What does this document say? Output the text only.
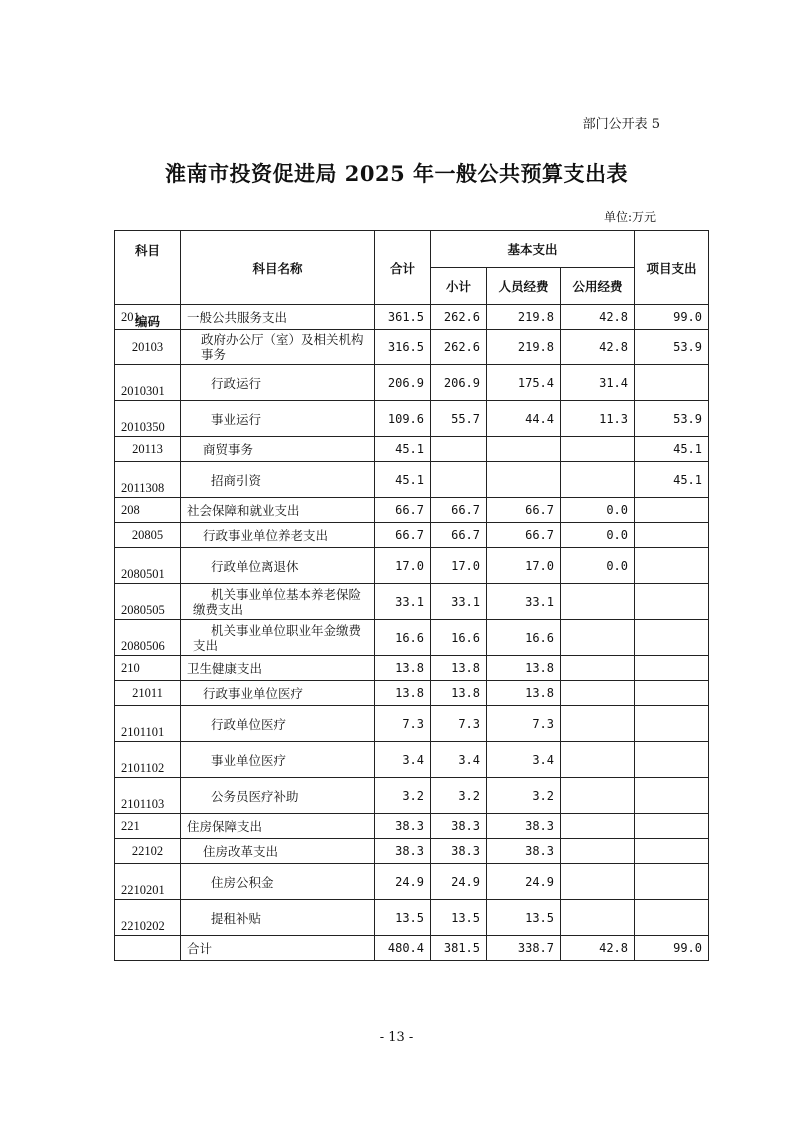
部门公开表 5
淮南市投资促进局 2025 年一般公共预算支出表
单位:万元
科目
编码	科目名称	合计	基本支出			项目支出
			小计	人员经费	公用经费	
201	一般公共服务支出	361.5	262.6	219.8	42.8	99.0
20103	政府办公厅（室）及相关机构事务	316.5	262.6	219.8	42.8	53.9
2010301	行政运行	206.9	206.9	175.4	31.4	
2010350	事业运行	109.6	55.7	44.4	11.3	53.9
20113	商贸事务	45.1				45.1
2011308	招商引资	45.1				45.1
208	社会保障和就业支出	66.7	66.7	66.7	0.0	
20805	行政事业单位养老支出	66.7	66.7	66.7	0.0	
2080501	行政单位离退休	17.0	17.0	17.0	0.0	
2080505	机关事业单位基本养老保险缴费支出	33.1	33.1	33.1		
2080506	机关事业单位职业年金缴费支出	16.6	16.6	16.6		
210	卫生健康支出	13.8	13.8	13.8		
21011	行政事业单位医疗	13.8	13.8	13.8		
2101101	行政单位医疗	7.3	7.3	7.3		
2101102	事业单位医疗	3.4	3.4	3.4		
2101103	公务员医疗补助	3.2	3.2	3.2		
221	住房保障支出	38.3	38.3	38.3		
22102	住房改革支出	38.3	38.3	38.3		
2210201	住房公积金	24.9	24.9	24.9		
2210202	提租补贴	13.5	13.5	13.5		
	合计	480.4	381.5	338.7	42.8	99.0
- 13 -
